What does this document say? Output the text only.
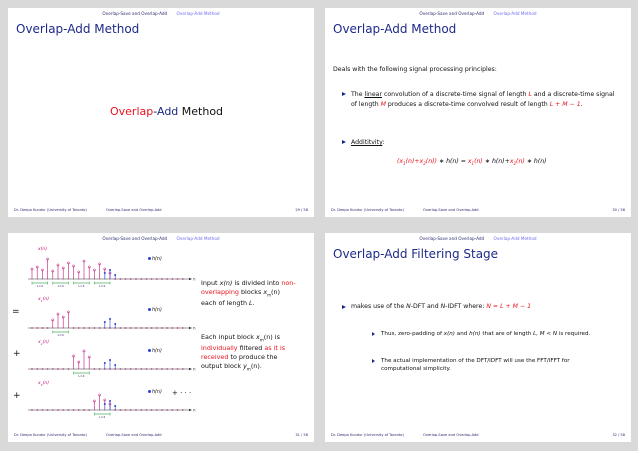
Overlap-Save and Overlap-Add Overlap-Add Method
Overlap-Add Method
Overlap-Add Method
Dr. Deepa Kundur (University of Toronto)	Overlap-Save and Overlap-Add	29 / 58
Overlap-Save and Overlap-Add Overlap-Add Method
Overlap-Add Method
Deals with the following signal processing principles:
The linear convolution of a discrete-time signal of length L and a discrete-time signal of length M produces a discrete-time convolved result of length L + M − 1.
Addititvity:
$(x_1(n)+x_2(n))$ ∗ $h(n) = x_1(n)$ ∗ $h(n)+x_2(n)$ ∗ h(n)
Dr. Deepa Kundur (University of Toronto)	Overlap-Save and Overlap-Add	30 / 58
Overlap-Save and Overlap-Add Overlap-Add Method
n
L=4	L=4	L=4	L=4
n
L=4
n
L=4
n
L=4
x(n)
$x_1(n)$
$x_2(n)$
$x_3(n)$
=
+
+
h(n)
h(n)
h(n)
h(n) + · · ·
Input x(n) is divided into non-overlapping blocks $x_m(n)$ each of length L.
Each input block $x_m(n)$ is individually filtered as it is received to produce the output block $y_m(n)$.
Dr. Deepa Kundur (University of Toronto)	Overlap-Save and Overlap-Add	31 / 58
Overlap-Save and Overlap-Add Overlap-Add Method
Overlap-Add Filtering Stage
makes use of the N-DFT and N-IDFT where: N = L + M − 1
Thus, zero-padding of x(n) and h(n) that are of length L, M < N is required.
The actual implementation of the DFT/IDFT will use the FFT/IFFT for computational simplicity.
Dr. Deepa Kundur (University of Toronto)	Overlap-Save and Overlap-Add	32 / 58
